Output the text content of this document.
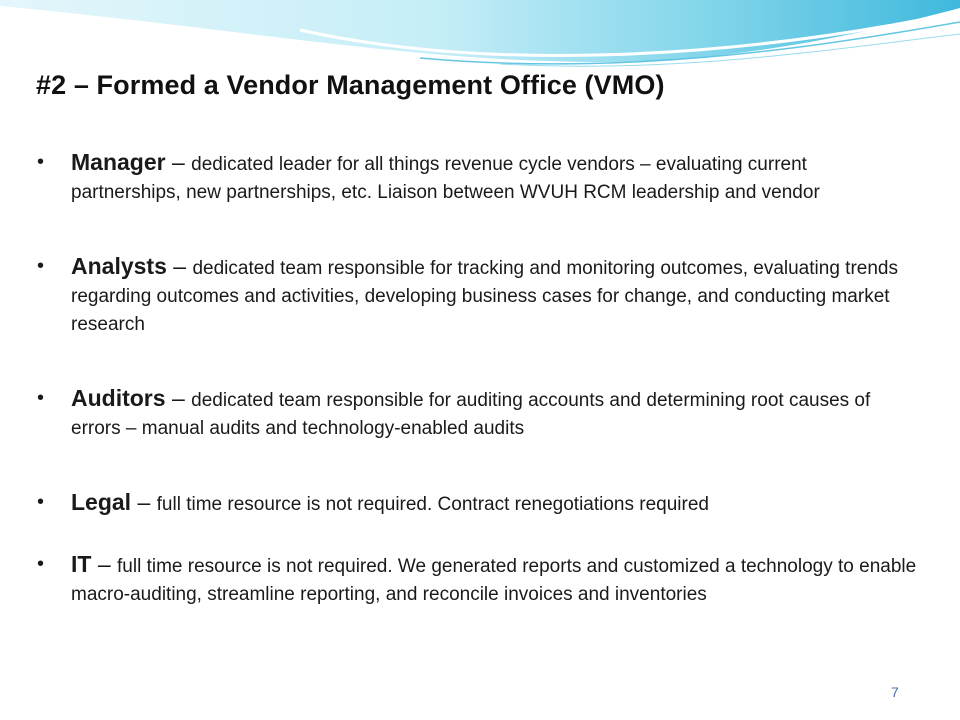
#2 – Formed a Vendor Management Office (VMO)
• Manager – dedicated leader for all things revenue cycle vendors – evaluating current partnerships, new partnerships, etc. Liaison between WVUH RCM leadership and vendor
• Analysts – dedicated team responsible for tracking and monitoring outcomes, evaluating trends regarding outcomes and activities, developing business cases for change, and conducting market research
• Auditors – dedicated team responsible for auditing accounts and determining root causes of errors – manual audits and technology-enabled audits
• Legal – full time resource is not required. Contract renegotiations required
• IT – full time resource is not required. We generated reports and customized a technology to enable macro-auditing, streamline reporting, and reconcile invoices and inventories
7
